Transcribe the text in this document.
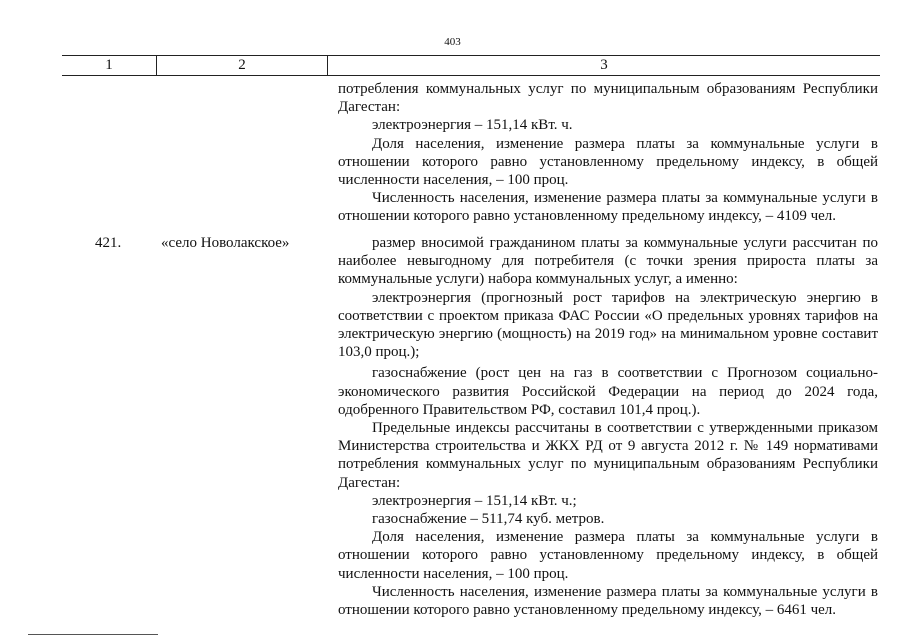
403
1	2	3

потребления коммунальных услуг по муниципальным образованиям Республики Дагестан:

электроэнергия – 151,14 кВт. ч.

Доля населения, изменение размера платы за коммунальные услуги в отношении которого равно установленному предельному индексу, в общей численности населения, – 100 проц.

Численность населения, изменение размера платы за коммунальные услуги в отношении которого равно установленному предельному индексу, – 4109 чел.

421.	«село Новолакское»	размер вносимой гражданином платы за коммунальные услуги рассчитан по наиболее невыгодному для потребителя (с точки зрения прироста платы за коммунальные услуги) набора коммунальных услуг, а именно:

электроэнергия (прогнозный рост тарифов на электрическую энергию в соответствии с проектом приказа ФАС России «О предельных уровнях тарифов на электрическую энергию (мощность) на 2019 год» на минимальном уровне составит 103,0 проц.);

газоснабжение (рост цен на газ в соответствии с Прогнозом социально-экономического развития Российской Федерации на период до 2024 года, одобренного Правительством РФ, составил 101,4 проц.).

Предельные индексы рассчитаны в соответствии с утвержденными приказом Министерства строительства и ЖКХ РД от 9 августа 2012 г. № 149 нормативами потребления коммунальных услуг по муниципальным образованиям Республики Дагестан:

электроэнергия – 151,14 кВт. ч.;

газоснабжение – 511,74 куб. метров.

Доля населения, изменение размера платы за коммунальные услуги в отношении которого равно установленному предельному индексу, в общей численности населения, – 100 проц.

Численность населения, изменение размера платы за коммунальные услуги в отношении которого равно установленному предельному индексу, – 6461 чел.
